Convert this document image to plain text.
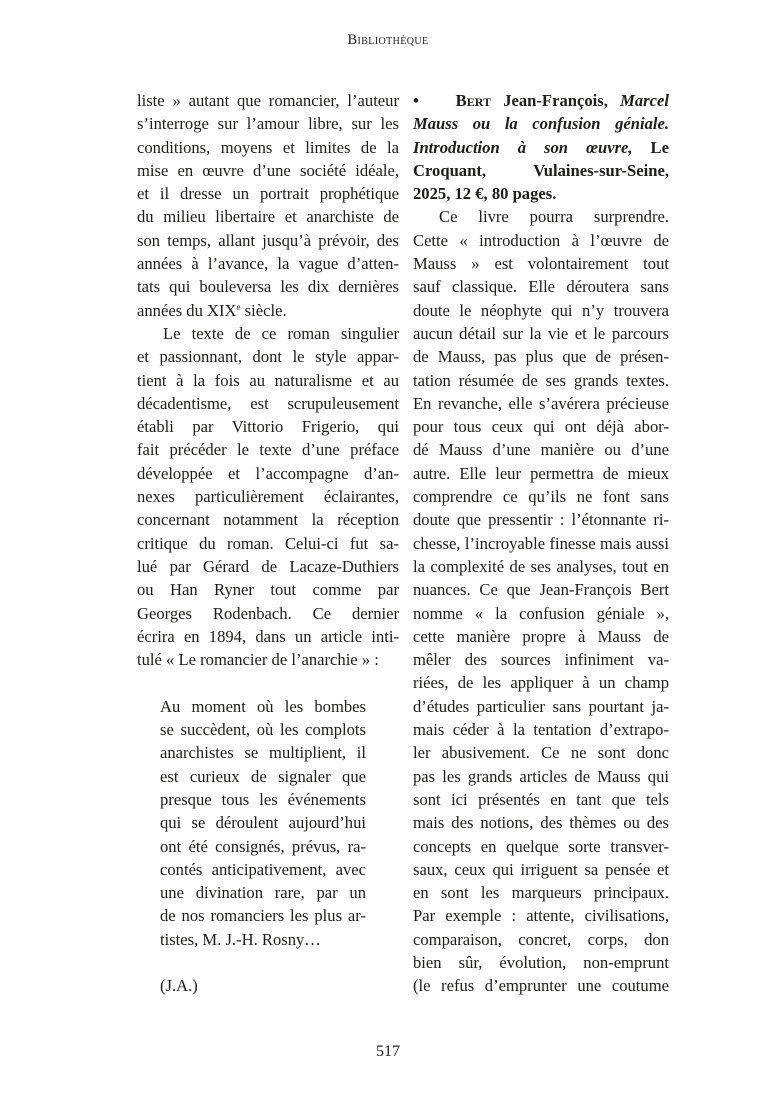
Bibliothèque
liste » autant que romancier, l’auteur
s’interroge sur l’amour libre, sur les
conditions, moyens et limites de la
mise en œuvre d’une société idéale,
et il dresse un portrait prophétique
du milieu libertaire et anarchiste de
son temps, allant jusqu’à prévoir, des
années à l’avance, la vague d’atten-
tats qui bouleversa les dix dernières
années du XIXe siècle.
Le texte de ce roman singulier
et passionnant, dont le style appar-
tient à la fois au naturalisme et au
décadentisme, est scrupuleusement
établi par Vittorio Frigerio, qui
fait précéder le texte d’une préface
développée et l’accompagne d’an-
nexes particulièrement éclairantes,
concernant notamment la réception
critique du roman. Celui-ci fut sa-
lué par Gérard de Lacaze-Duthiers
ou Han Ryner tout comme par
Georges Rodenbach. Ce dernier
écrira en 1894, dans un article inti-
tulé « Le romancier de l’anarchie » :
Au moment où les bombes
se succèdent, où les complots
anarchistes se multiplient, il
est curieux de signaler que
presque tous les événements
qui se déroulent aujourd’hui
ont été consignés, prévus, ra-
contés anticipativement, avec
une divination rare, par un
de nos romanciers les plus ar-
tistes, M. J.-H. Rosny…
(J.A.)
• Bert Jean-François, Marcel
Mauss ou la confusion géniale.
Introduction à son œuvre, Le
Croquant, Vulaines-sur-Seine,
2025, 12 €, 80 pages.
Ce livre pourra surprendre.
Cette « introduction à l’œuvre de
Mauss » est volontairement tout
sauf classique. Elle déroutera sans
doute le néophyte qui n’y trouvera
aucun détail sur la vie et le parcours
de Mauss, pas plus que de présen-
tation résumée de ses grands textes.
En revanche, elle s’avérera précieuse
pour tous ceux qui ont déjà abor-
dé Mauss d’une manière ou d’une
autre. Elle leur permettra de mieux
comprendre ce qu’ils ne font sans
doute que pressentir : l’étonnante ri-
chesse, l’incroyable finesse mais aussi
la complexité de ses analyses, tout en
nuances. Ce que Jean-François Bert
nomme « la confusion géniale »,
cette manière propre à Mauss de
mêler des sources infiniment va-
riées, de les appliquer à un champ
d’études particulier sans pourtant ja-
mais céder à la tentation d’extrapo-
ler abusivement. Ce ne sont donc
pas les grands articles de Mauss qui
sont ici présentés en tant que tels
mais des notions, des thèmes ou des
concepts en quelque sorte transver-
saux, ceux qui irriguent sa pensée et
en sont les marqueurs principaux.
Par exemple : attente, civilisations,
comparaison, concret, corps, don
bien sûr, évolution, non-emprunt
(le refus d’emprunter une coutume
517
